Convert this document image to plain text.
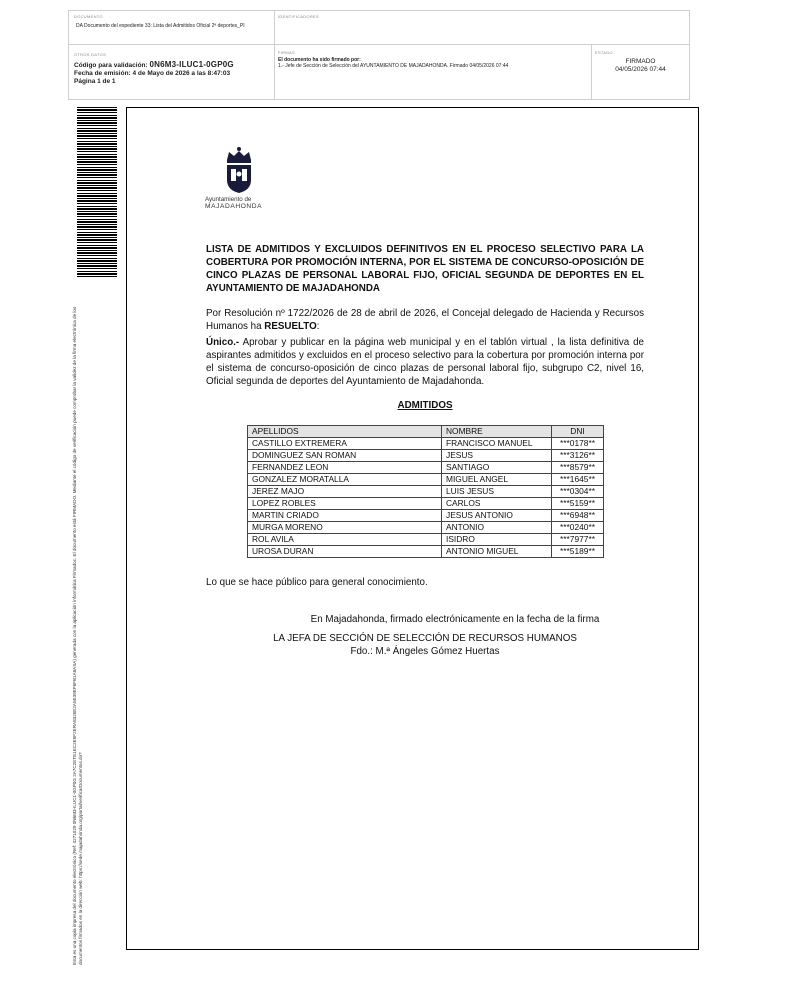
DOCUMENTO
DA Documento del expediente 33: Lista del Admitidos Oficial 2ª deportes_PI
IDENTIFICADORES
OTROS DATOS
Código para validación: 0N6M3-ILUC1-0GP0G
Fecha de emisión: 4 de Mayo de 2026 a las 8:47:03
Página 1 de 1
FIRMAS
El documento ha sido firmado por:
1.- Jefe de Sección de Selección del AYUNTAMIENTO DE MAJADAHONDA. Firmado 04/05/2026 07:44
ESTADO
FIRMADO
04/05/2026 07:44
Esta es una copia impresa del documento electrónico (Ref: 4271029 0N6M3-ILUC1-0GP0G 2A7C2ETE1EC2E5F2ERA8325E2A5E39EF6FB1A8ASA) generada con la aplicación informática Firmadoc. El documento está FIRMADO. Mediante el código de verificación puede comprobar la validez de la firma electrónica de los documentos firmados en la dirección web: https://sede.majadahonda.org/portal/verificarDocumentos.do?
Ayuntamiento de
MAJADAHONDA
LISTA DE ADMITIDOS Y EXCLUIDOS DEFINITIVOS EN EL PROCESO SELECTIVO PARA LA COBERTURA POR PROMOCIÓN INTERNA, POR EL SISTEMA DE CONCURSO-OPOSICIÓN DE CINCO PLAZAS DE PERSONAL LABORAL FIJO, OFICIAL SEGUNDA DE DEPORTES EN EL AYUNTAMIENTO DE MAJADAHONDA
Por Resolución nº 1722/2026 de 28 de abril de 2026, el Concejal delegado de Hacienda y Recursos Humanos ha RESUELTO:
Único.- Aprobar y publicar en la página web municipal y en el tablón virtual , la lista definitiva de aspirantes admitidos y excluidos en el proceso selectivo para la cobertura por promoción interna por el sistema de concurso-oposición de cinco plazas de personal laboral fijo, subgrupo C2, nivel 16, Oficial segunda de deportes del Ayuntamiento de Majadahonda.
ADMITIDOS
APELLIDOS	NOMBRE	DNI
CASTILLO EXTREMERA	FRANCISCO MANUEL	***0178**
DOMINGUEZ SAN ROMAN	JESUS	***3126**
FERNANDEZ LEON	SANTIAGO	***8579**
GONZALEZ MORATALLA	MIGUEL ANGEL	***1645**
JEREZ MAJO	LUIS JESUS	***0304**
LOPEZ ROBLES	CARLOS	***5159**
MARTIN CRIADO	JESUS ANTONIO	***6948**
MURGA MORENO	ANTONIO	***0240**
ROL AVILA	ISIDRO	***7977**
UROSA DURAN	ANTONIO MIGUEL	***5189**
Lo que se hace público para general conocimiento.
En Majadahonda, firmado electrónicamente en la fecha de la firma
LA JEFA DE SECCIÓN DE SELECCIÓN DE RECURSOS HUMANOS
Fdo.: M.ª Ángeles Gómez Huertas
